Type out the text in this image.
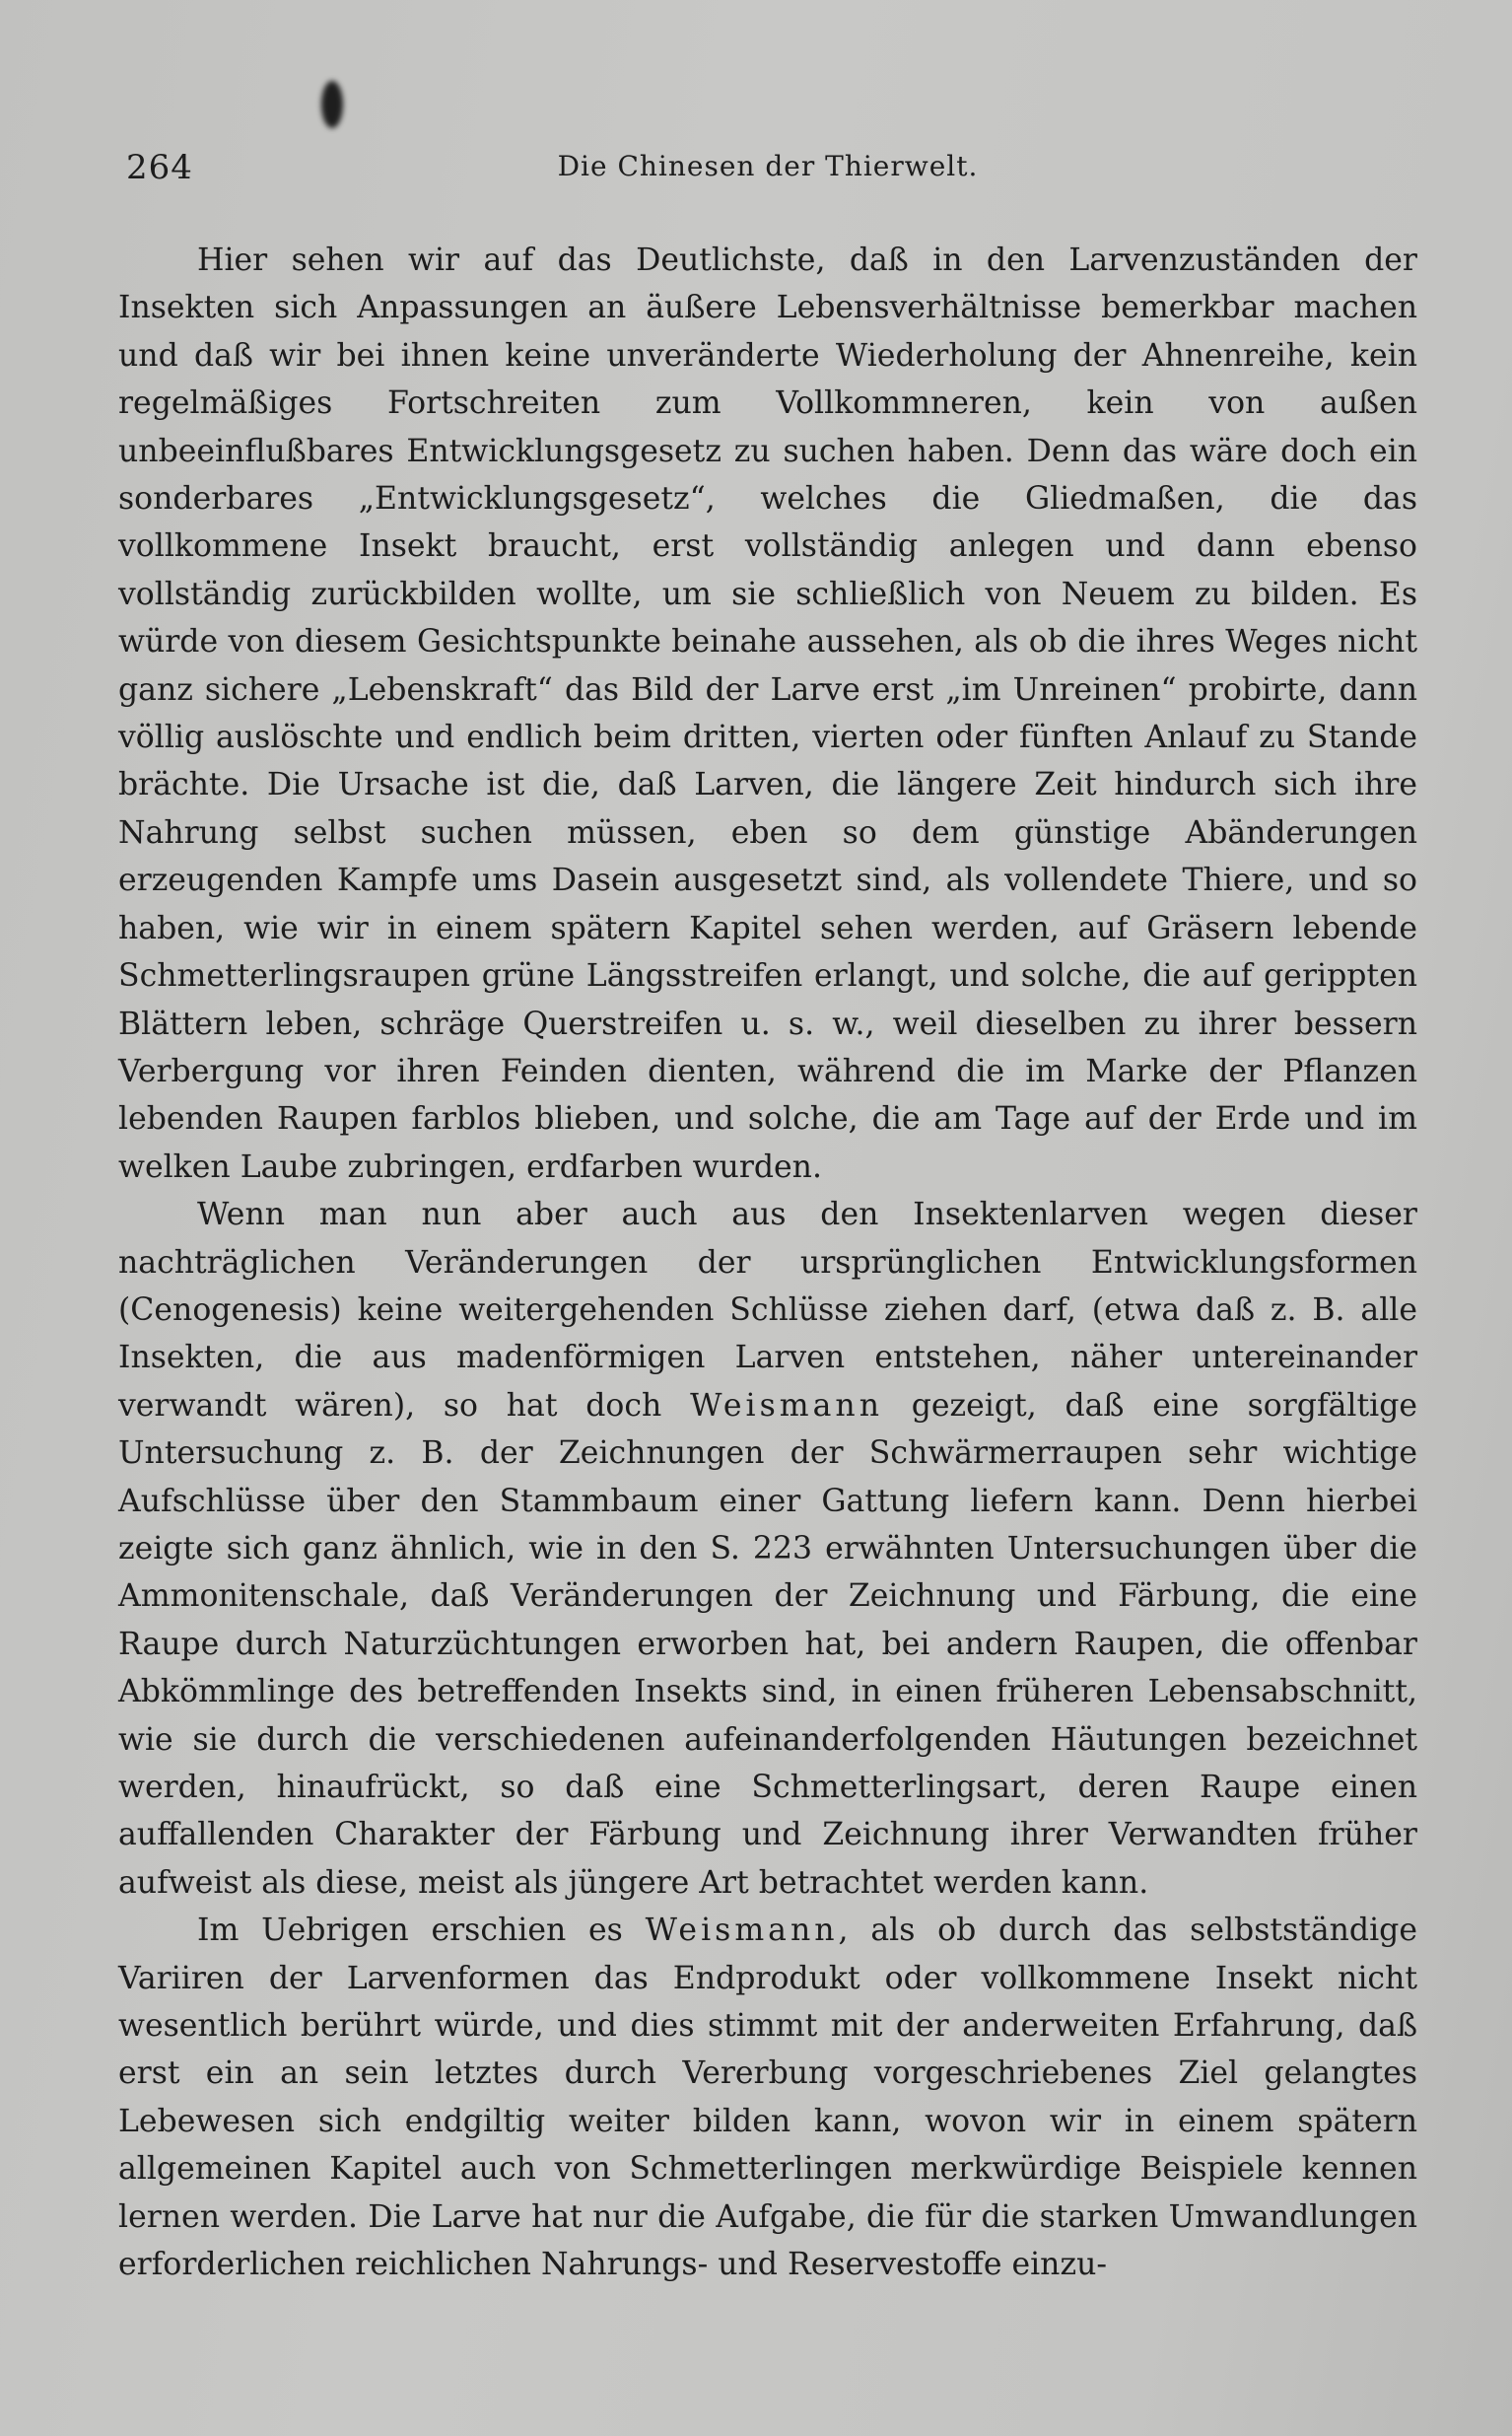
264	Die Chinesen der Thierwelt.

Hier sehen wir auf das Deutlichste, daß in den Larvenzuständen der Insekten sich Anpassungen an äußere Lebensverhältnisse bemerkbar machen und daß wir bei ihnen keine unveränderte Wiederholung der Ahnenreihe, kein regelmäßiges Fortschreiten zum Vollkommneren, kein von außen unbeeinflußbares Entwicklungsgesetz zu suchen haben. Denn das wäre doch ein sonderbares „Entwicklungsgesetz“, welches die Gliedmaßen, die das vollkommene Insekt braucht, erst vollständig anlegen und dann ebenso vollständig zurückbilden wollte, um sie schließlich von Neuem zu bilden. Es würde von diesem Gesichtspunkte beinahe aussehen, als ob die ihres Weges nicht ganz sichere „Lebenskraft“ das Bild der Larve erst „im Unreinen“ probirte, dann völlig auslöschte und endlich beim dritten, vierten oder fünften Anlauf zu Stande brächte. Die Ursache ist die, daß Larven, die längere Zeit hindurch sich ihre Nahrung selbst suchen müssen, eben so dem günstige Abänderungen erzeugenden Kampfe ums Dasein ausgesetzt sind, als vollendete Thiere, und so haben, wie wir in einem spätern Kapitel sehen werden, auf Gräsern lebende Schmetterlingsraupen grüne Längsstreifen erlangt, und solche, die auf gerippten Blättern leben, schräge Querstreifen u. s. w., weil dieselben zu ihrer bessern Verbergung vor ihren Feinden dienten, während die im Marke der Pflanzen lebenden Raupen farblos blieben, und solche, die am Tage auf der Erde und im welken Laube zubringen, erdfarben wurden.

Wenn man nun aber auch aus den Insektenlarven wegen dieser nachträglichen Veränderungen der ursprünglichen Entwicklungsformen (Cenogenesis) keine weitergehenden Schlüsse ziehen darf, (etwa daß z. B. alle Insekten, die aus madenförmigen Larven entstehen, näher untereinander verwandt wären), so hat doch Weismann gezeigt, daß eine sorgfältige Untersuchung z. B. der Zeichnungen der Schwärmerraupen sehr wichtige Aufschlüsse über den Stammbaum einer Gattung liefern kann. Denn hierbei zeigte sich ganz ähnlich, wie in den S. 223 erwähnten Untersuchungen über die Ammonitenschale, daß Veränderungen der Zeichnung und Färbung, die eine Raupe durch Naturzüchtungen erworben hat, bei andern Raupen, die offenbar Abkömmlinge des betreffenden Insekts sind, in einen früheren Lebensabschnitt, wie sie durch die verschiedenen aufeinanderfolgenden Häutungen bezeichnet werden, hinaufrückt, so daß eine Schmetterlingsart, deren Raupe einen auffallenden Charakter der Färbung und Zeichnung ihrer Verwandten früher aufweist als diese, meist als jüngere Art betrachtet werden kann.

Im Uebrigen erschien es Weismann, als ob durch das selbstständige Variiren der Larvenformen das Endprodukt oder vollkommene Insekt nicht wesentlich berührt würde, und dies stimmt mit der anderweiten Erfahrung, daß erst ein an sein letztes durch Vererbung vorgeschriebenes Ziel gelangtes Lebewesen sich endgiltig weiter bilden kann, wovon wir in einem spätern allgemeinen Kapitel auch von Schmetterlingen merkwürdige Beispiele kennen lernen werden. Die Larve hat nur die Aufgabe, die für die starken Umwandlungen erforderlichen reichlichen Nahrungs- und Reservestoffe einzu-
